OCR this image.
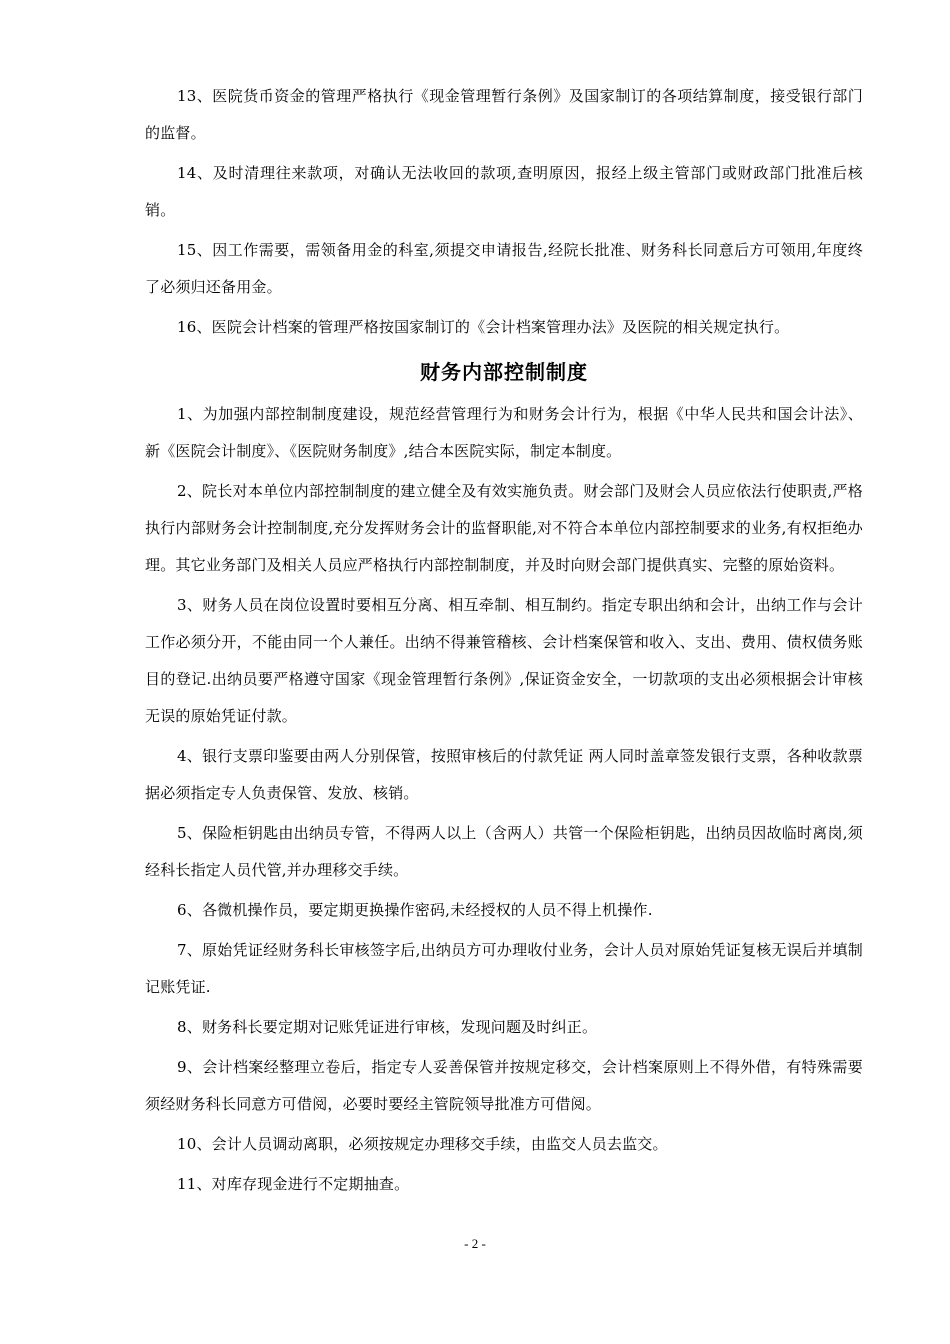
13、医院货币资金的管理严格执行《现金管理暂行条例》及国家制订的各项结算制度，接受银行部门的监督。

14、及时清理往来款项，对确认无法收回的款项,查明原因，报经上级主管部门或财政部门批准后核销。

15、因工作需要，需领备用金的科室,须提交申请报告,经院长批准、财务科长同意后方可领用,年度终了必须归还备用金。

16、医院会计档案的管理严格按国家制订的《会计档案管理办法》及医院的相关规定执行。

财务内部控制制度

1、为加强内部控制制度建设，规范经营管理行为和财务会计行为，根据《中华人民共和国会计法》、新《医院会计制度》、《医院财务制度》,结合本医院实际，制定本制度。

2、院长对本单位内部控制制度的建立健全及有效实施负责。财会部门及财会人员应依法行使职责,严格执行内部财务会计控制制度,充分发挥财务会计的监督职能,对不符合本单位内部控制要求的业务,有权拒绝办理。其它业务部门及相关人员应严格执行内部控制制度，并及时向财会部门提供真实、完整的原始资料。

3、财务人员在岗位设置时要相互分离、相互牵制、相互制约。指定专职出纳和会计，出纳工作与会计工作必须分开，不能由同一个人兼任。出纳不得兼管稽核、会计档案保管和收入、支出、费用、债权债务账目的登记.出纳员要严格遵守国家《现金管理暂行条例》,保证资金安全，一切款项的支出必须根据会计审核无误的原始凭证付款。

4、银行支票印鉴要由两人分别保管，按照审核后的付款凭证 两人同时盖章签发银行支票，各种收款票据必须指定专人负责保管、发放、核销。

5、保险柜钥匙由出纳员专管，不得两人以上（含两人）共管一个保险柜钥匙，出纳员因故临时离岗,须经科长指定人员代管,并办理移交手续。

6、各微机操作员，要定期更换操作密码,未经授权的人员不得上机操作.

7、原始凭证经财务科长审核签字后,出纳员方可办理收付业务，会计人员对原始凭证复核无误后并填制记账凭证.

8、财务科长要定期对记账凭证进行审核，发现问题及时纠正。

9、会计档案经整理立卷后，指定专人妥善保管并按规定移交，会计档案原则上不得外借，有特殊需要须经财务科长同意方可借阅，必要时要经主管院领导批准方可借阅。

10、会计人员调动离职，必须按规定办理移交手续，由监交人员去监交。

11、对库存现金进行不定期抽查。

- 2 -
